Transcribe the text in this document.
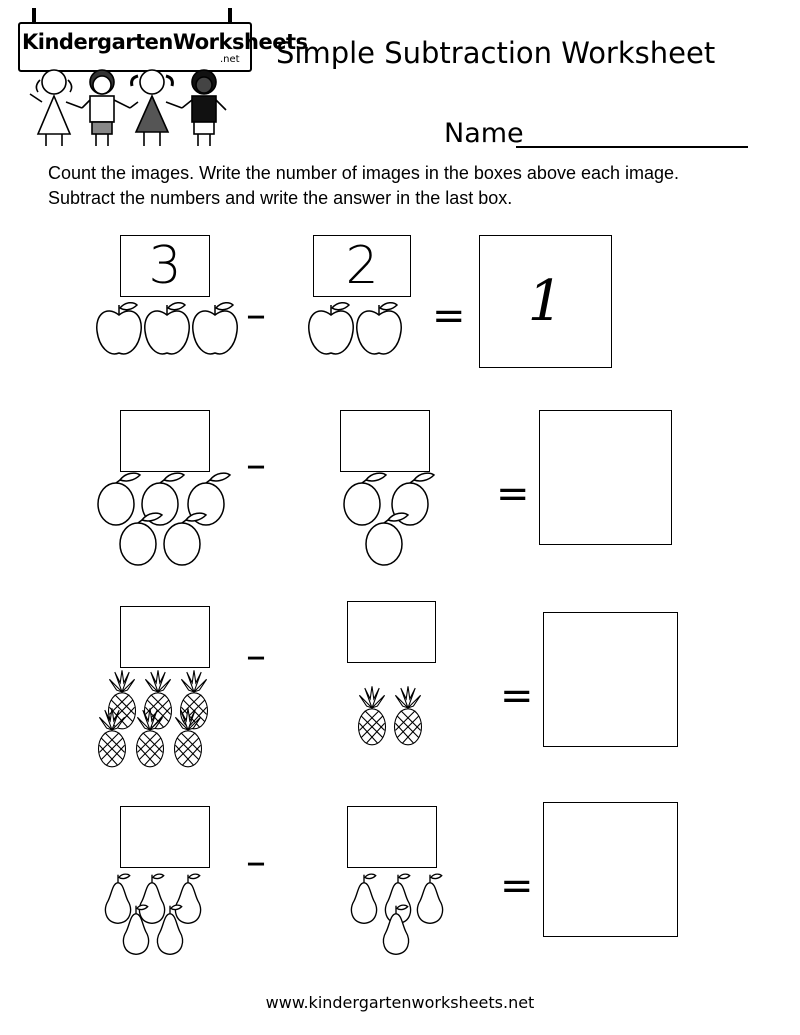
KindergartenWorksheets
.net Simple Subtraction Worksheet
Name
Count the images. Write the number of images in the boxes above each image.
Subtract the numbers and write the answer in the last box.
3	2
1
–	=
–
=
–
=
–
=
www.kindergartenworksheets.net
